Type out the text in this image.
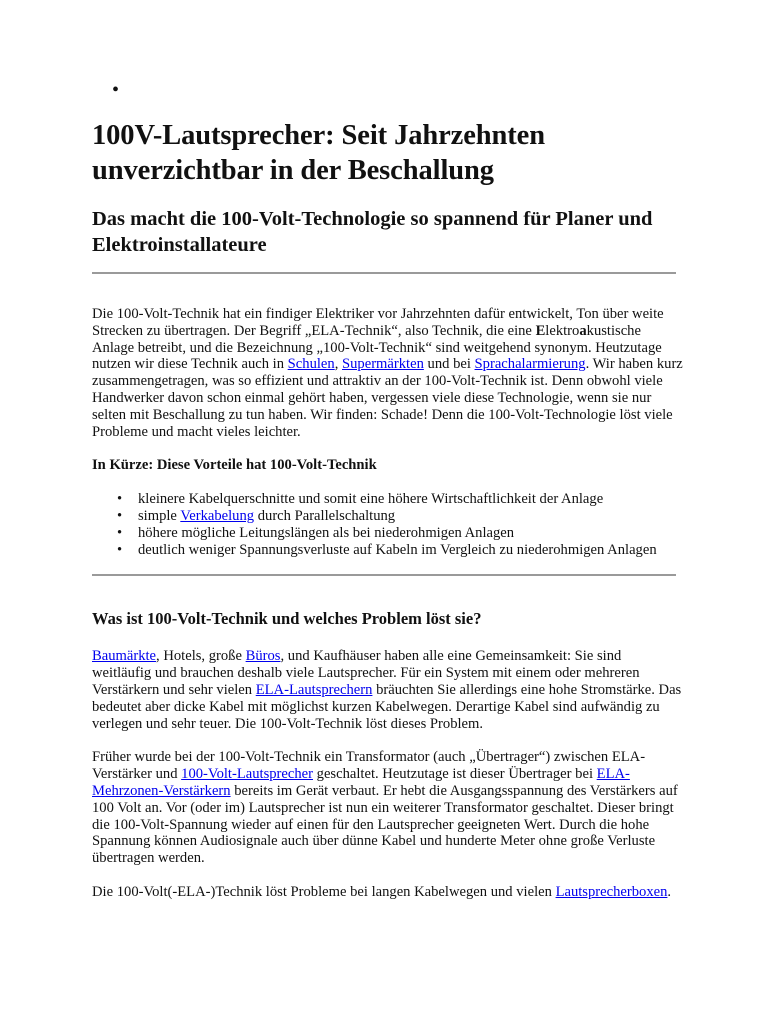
•
100V-Lautsprecher: Seit Jahrzehnten unverzichtbar in der Beschallung
Das macht die 100-Volt-Technologie so spannend für Planer und Elektroinstallateure

Die 100-Volt-Technik hat ein findiger Elektriker vor Jahrzehnten dafür entwickelt, Ton über weite Strecken zu übertragen. Der Begriff „ELA-Technik“, also Technik, die eine Elektroakustische Anlage betreibt, und die Bezeichnung „100-Volt-Technik“ sind weitgehend synonym. Heutzutage nutzen wir diese Technik auch in Schulen, Supermärkten und bei Sprachalarmierung. Wir haben kurz zusammengetragen, was so effizient und attraktiv an der 100-Volt-Technik ist. Denn obwohl viele Handwerker davon schon einmal gehört haben, vergessen viele diese Technologie, wenn sie nur selten mit Beschallung zu tun haben. Wir finden: Schade! Denn die 100-Volt-Technologie löst viele Probleme und macht vieles leichter.

In Kürze: Diese Vorteile hat 100-Volt-Technik

• kleinere Kabelquerschnitte und somit eine höhere Wirtschaftlichkeit der Anlage
• simple Verkabelung durch Parallelschaltung
• höhere mögliche Leitungslängen als bei niederohmigen Anlagen
• deutlich weniger Spannungsverluste auf Kabeln im Vergleich zu niederohmigen Anlagen
Was ist 100-Volt-Technik und welches Problem löst sie?

Baumärkte, Hotels, große Büros, und Kaufhäuser haben alle eine Gemeinsamkeit: Sie sind weitläufig und brauchen deshalb viele Lautsprecher. Für ein System mit einem oder mehreren Verstärkern und sehr vielen ELA-Lautsprechern bräuchten Sie allerdings eine hohe Stromstärke. Das bedeutet aber dicke Kabel mit möglichst kurzen Kabelwegen. Derartige Kabel sind aufwändig zu verlegen und sehr teuer. Die 100-Volt-Technik löst dieses Problem.

Früher wurde bei der 100-Volt-Technik ein Transformator (auch „Übertrager“) zwischen ELA-Verstärker und 100-Volt-Lautsprecher geschaltet. Heutzutage ist dieser Übertrager bei ELA-Mehrzonen-Verstärkern bereits im Gerät verbaut. Er hebt die Ausgangsspannung des Verstärkers auf 100 Volt an. Vor (oder im) Lautsprecher ist nun ein weiterer Transformator geschaltet. Dieser bringt die 100-Volt-Spannung wieder auf einen für den Lautsprecher geeigneten Wert. Durch die hohe Spannung können Audiosignale auch über dünne Kabel und hunderte Meter ohne große Verluste übertragen werden.

Die 100-Volt(-ELA-)Technik löst Probleme bei langen Kabelwegen und vielen Lautsprecherboxen.
